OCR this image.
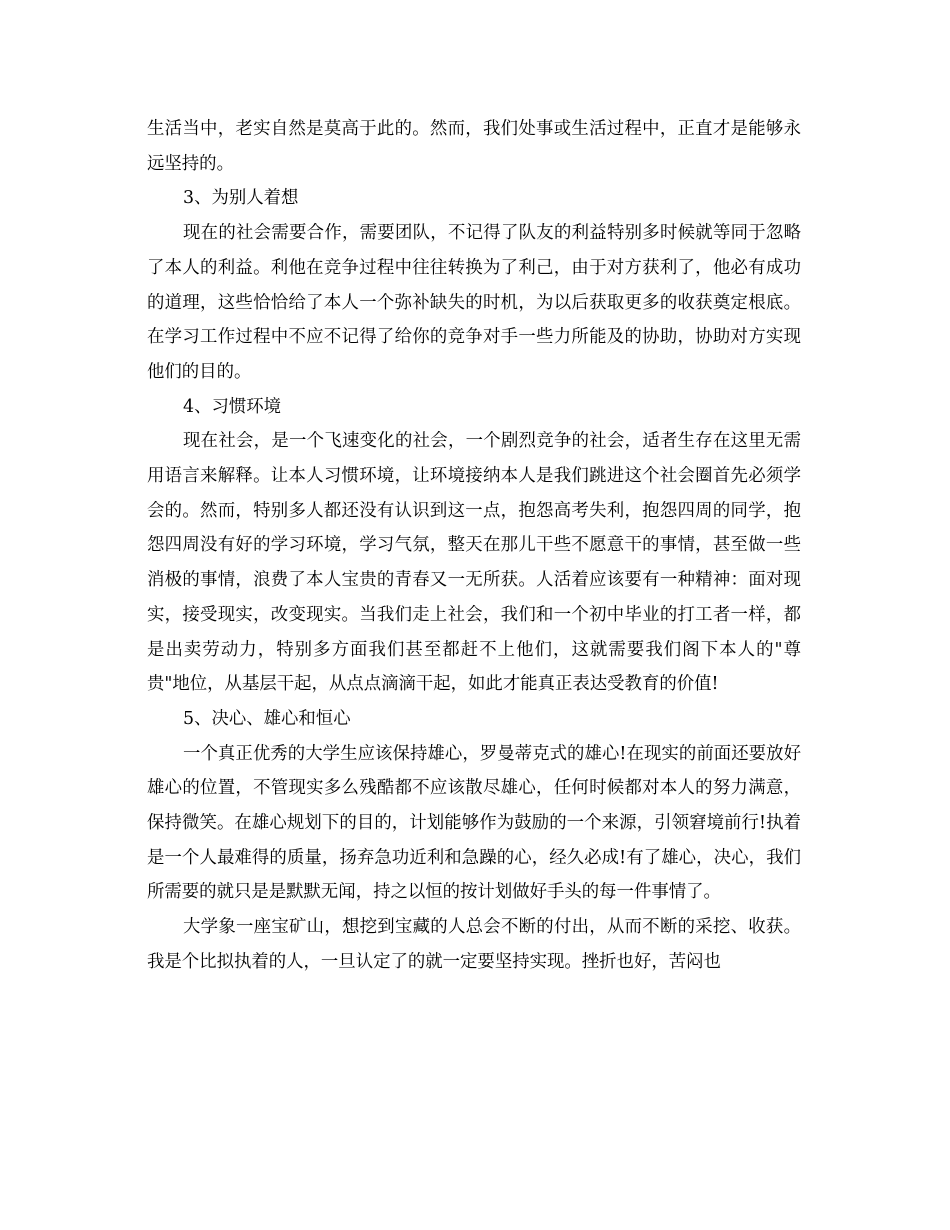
生活当中，老实自然是莫高于此的。然而，我们处事或生活过程中，正直才是能够永远坚持的。

3、为别人着想

现在的社会需要合作，需要团队，不记得了队友的利益特别多时候就等同于忽略了本人的利益。利他在竞争过程中往往转换为了利己，由于对方获利了，他必有成功的道理，这些恰恰给了本人一个弥补缺失的时机，为以后获取更多的收获奠定根底。在学习工作过程中不应不记得了给你的竞争对手一些力所能及的协助，协助对方实现他们的目的。

4、习惯环境

现在社会，是一个飞速变化的社会，一个剧烈竞争的社会，适者生存在这里无需用语言来解释。让本人习惯环境，让环境接纳本人是我们跳进这个社会圈首先必须学会的。然而，特别多人都还没有认识到这一点，抱怨高考失利，抱怨四周的同学，抱怨四周没有好的学习环境，学习气氛，整天在那儿干些不愿意干的事情，甚至做一些消极的事情，浪费了本人宝贵的青春又一无所获。人活着应该要有一种精神：面对现实，接受现实，改变现实。当我们走上社会，我们和一个初中毕业的打工者一样，都是出卖劳动力，特别多方面我们甚至都赶不上他们，这就需要我们阁下本人的"尊贵"地位，从基层干起，从点点滴滴干起，如此才能真正表达受教育的价值!

5、决心、雄心和恒心

一个真正优秀的大学生应该保持雄心，罗曼蒂克式的雄心!在现实的前面还要放好雄心的位置，不管现实多么残酷都不应该散尽雄心，任何时候都对本人的努力满意，保持微笑。在雄心规划下的目的，计划能够作为鼓励的一个来源，引领窘境前行!执着是一个人最难得的质量，扬弃急功近利和急躁的心，经久必成!有了雄心，决心，我们所需要的就只是是默默无闻，持之以恒的按计划做好手头的每一件事情了。

大学象一座宝矿山，想挖到宝藏的人总会不断的付出，从而不断的采挖、收获。我是个比拟执着的人，一旦认定了的就一定要坚持实现。挫折也好，苦闷也
